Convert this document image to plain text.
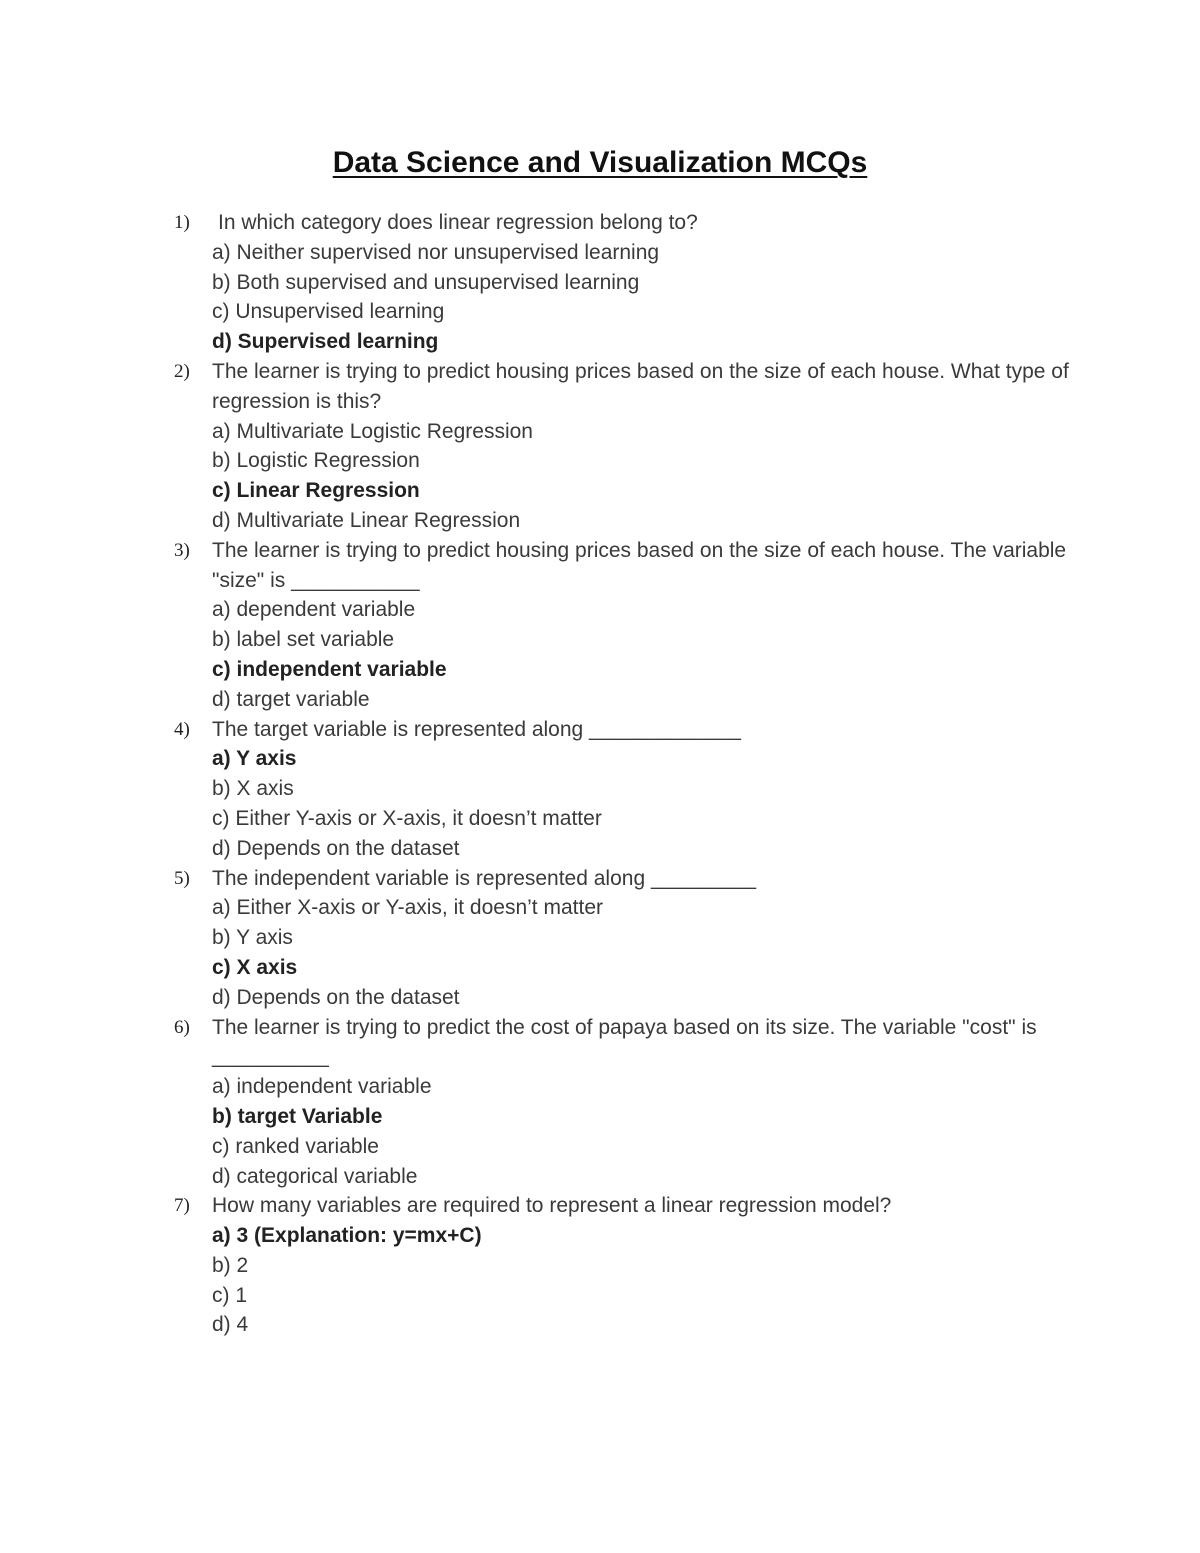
Data Science and Visualization MCQs
1) In which category does linear regression belong to?

a) Neither supervised nor unsupervised learning

b) Both supervised and unsupervised learning

c) Unsupervised learning

d) Supervised learning

2) The learner is trying to predict housing prices based on the size of each house. What type of regression is this?

a) Multivariate Logistic Regression

b) Logistic Regression

c) Linear Regression

d) Multivariate Linear Regression

3) The learner is trying to predict housing prices based on the size of each house. The variable "size" is ___________

a) dependent variable

b) label set variable

c) independent variable

d) target variable

4) The target variable is represented along _____________

a) Y axis

b) X axis

c) Either Y-axis or X-axis, it doesn’t matter

d) Depends on the dataset

5) The independent variable is represented along _________

a) Either X-axis or Y-axis, it doesn’t matter

b) Y axis

c) X axis

d) Depends on the dataset

6) The learner is trying to predict the cost of papaya based on its size. The variable "cost" is __________

a) independent variable

b) target Variable

c) ranked variable

d) categorical variable

7) How many variables are required to represent a linear regression model?

a) 3 (Explanation: y=mx+C)

b) 2

c) 1

d) 4
